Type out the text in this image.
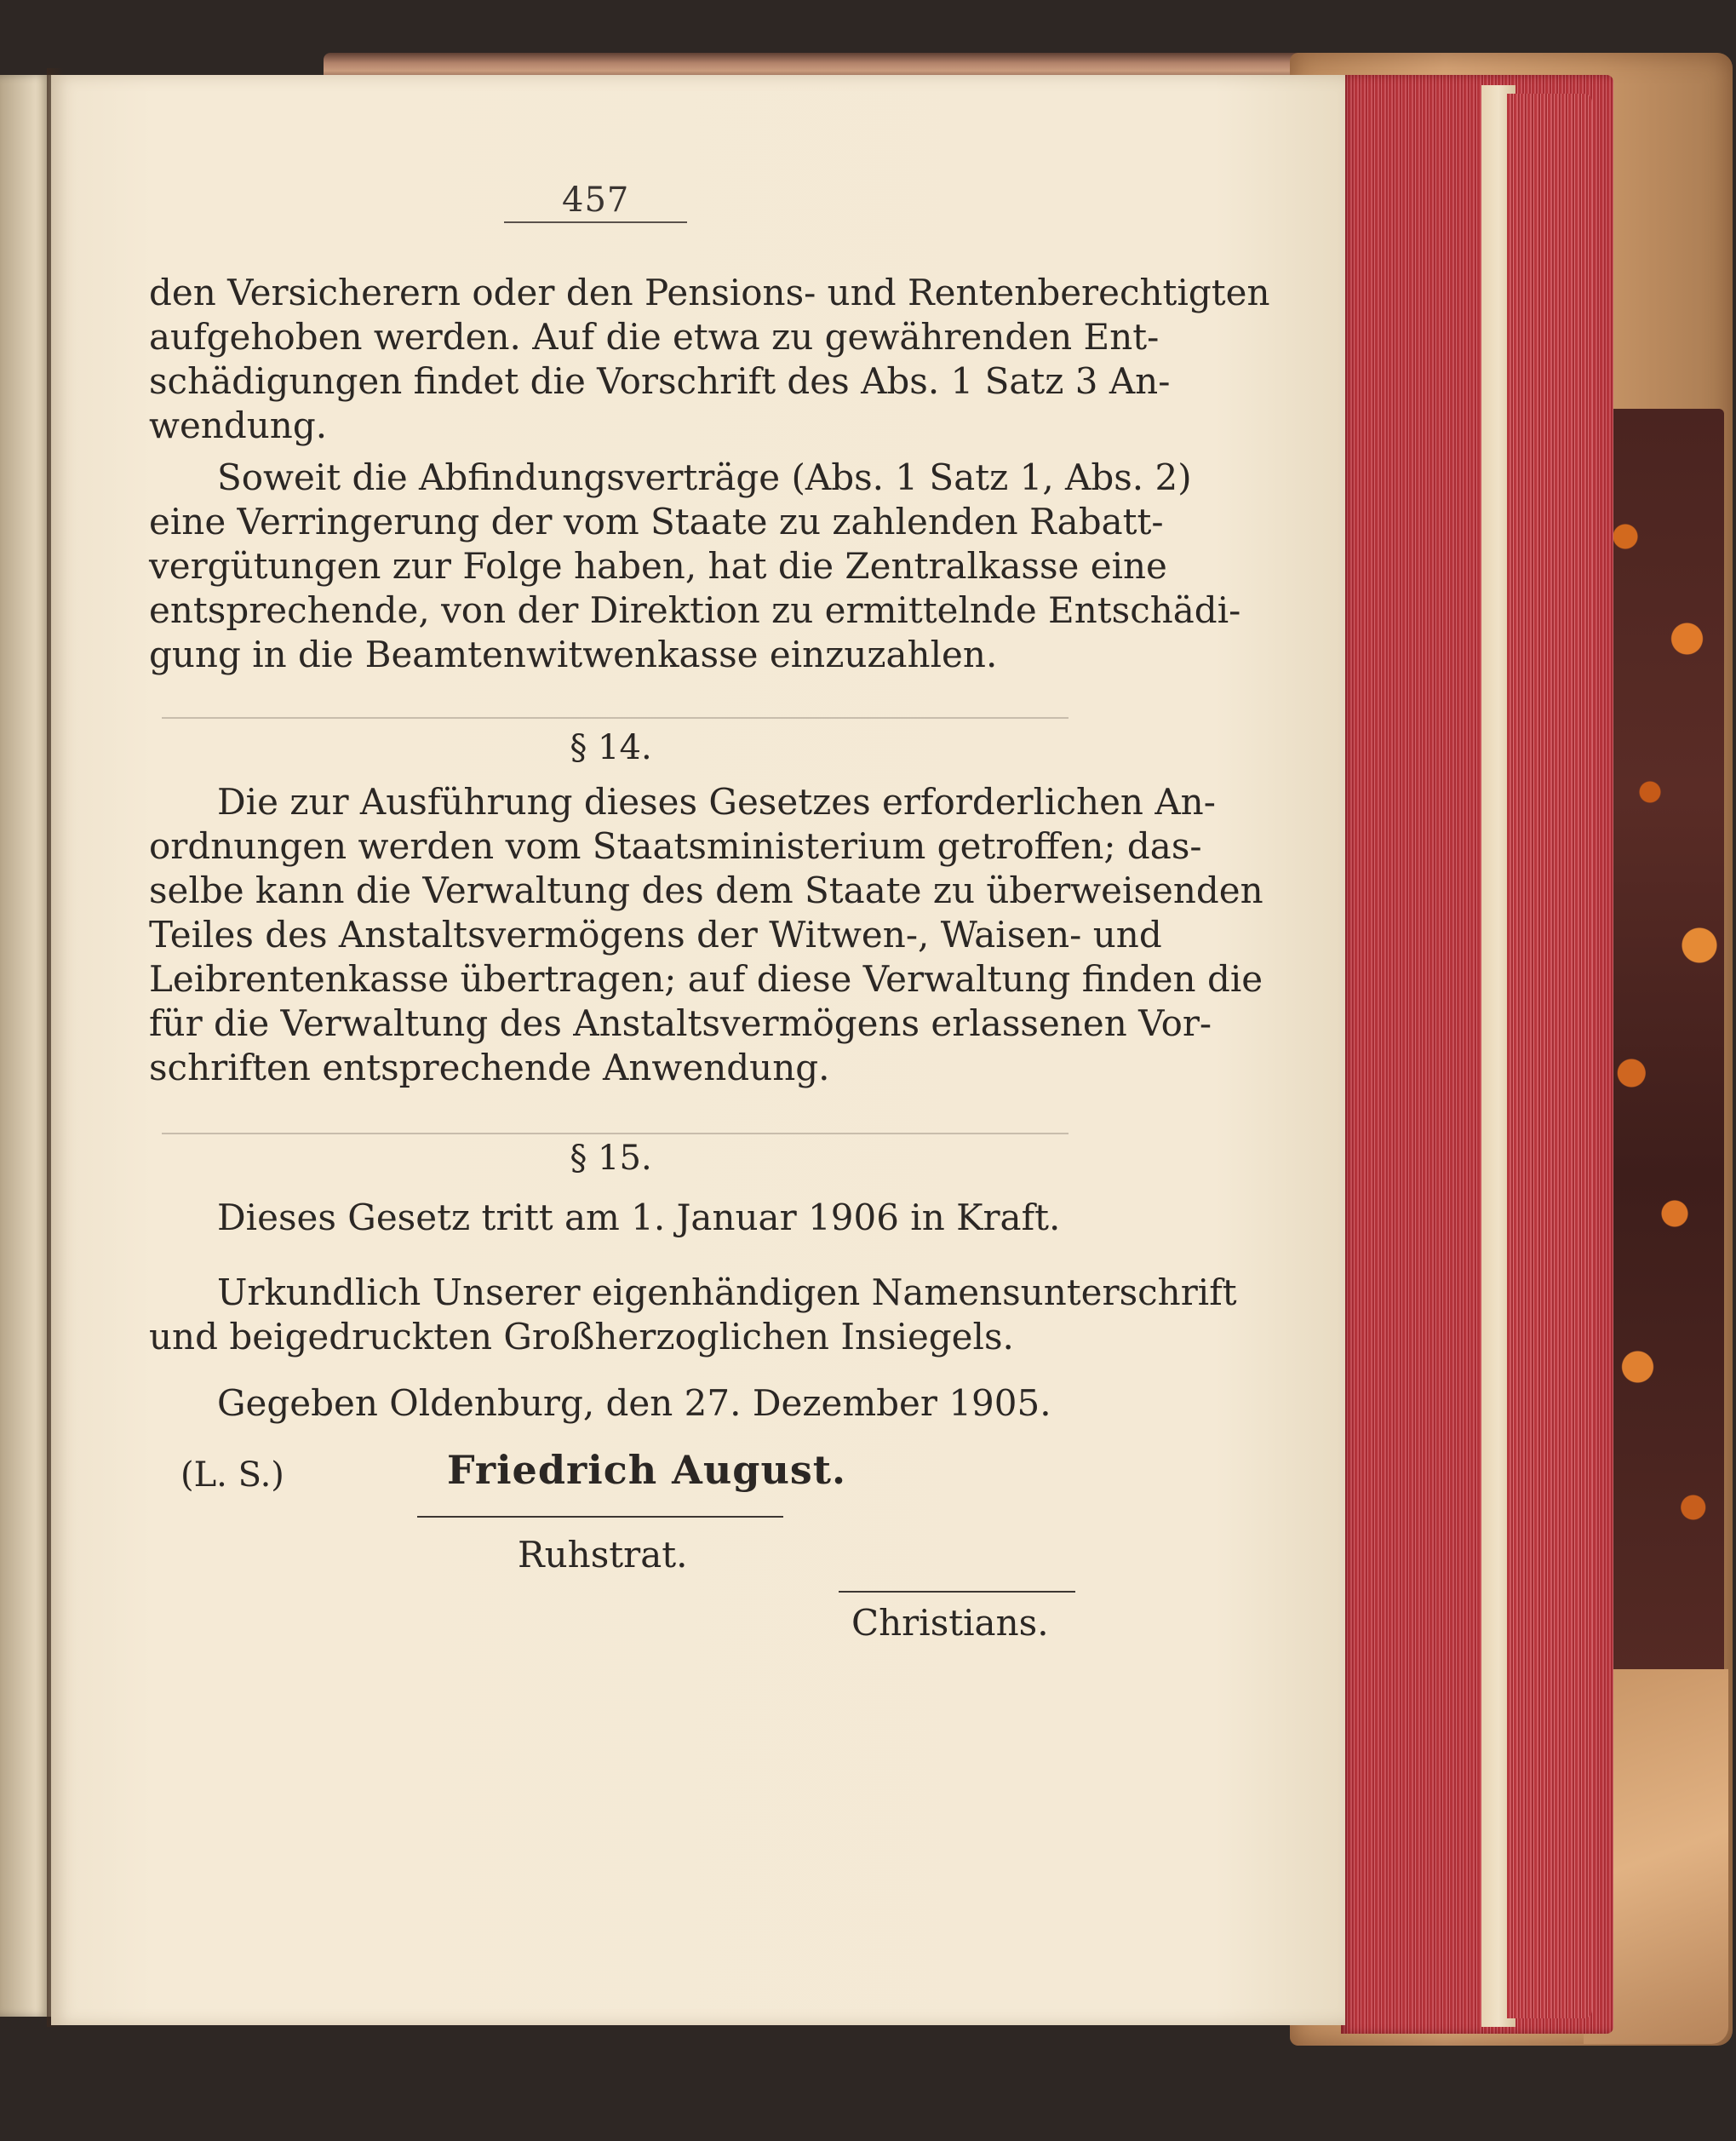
457
den Versicherern oder den Pensions- und Rentenberechtigten
aufgehoben werden. Auf die etwa zu gewährenden Ent-
schädigungen findet die Vorschrift des Abs. 1 Satz 3 An-
wendung.
Soweit die Abfindungsverträge (Abs. 1 Satz 1, Abs. 2)
eine Verringerung der vom Staate zu zahlenden Rabatt-
vergütungen zur Folge haben, hat die Zentralkasse eine
entsprechende, von der Direktion zu ermittelnde Entschädi-
gung in die Beamtenwitwenkasse einzuzahlen.
§ 14.
Die zur Ausführung dieses Gesetzes erforderlichen An-
ordnungen werden vom Staatsministerium getroffen; das-
selbe kann die Verwaltung des dem Staate zu überweisenden
Teiles des Anstaltsvermögens der Witwen-, Waisen- und
Leibrentenkasse übertragen; auf diese Verwaltung finden die
für die Verwaltung des Anstaltsvermögens erlassenen Vor-
schriften entsprechende Anwendung.
§ 15.
Dieses Gesetz tritt am 1. Januar 1906 in Kraft.
Urkundlich Unserer eigenhändigen Namensunterschrift
und beigedruckten Großherzoglichen Insiegels.
Gegeben Oldenburg, den 27. Dezember 1905.
(L. S.)	Friedrich August.
Ruhstrat.
Christians.
